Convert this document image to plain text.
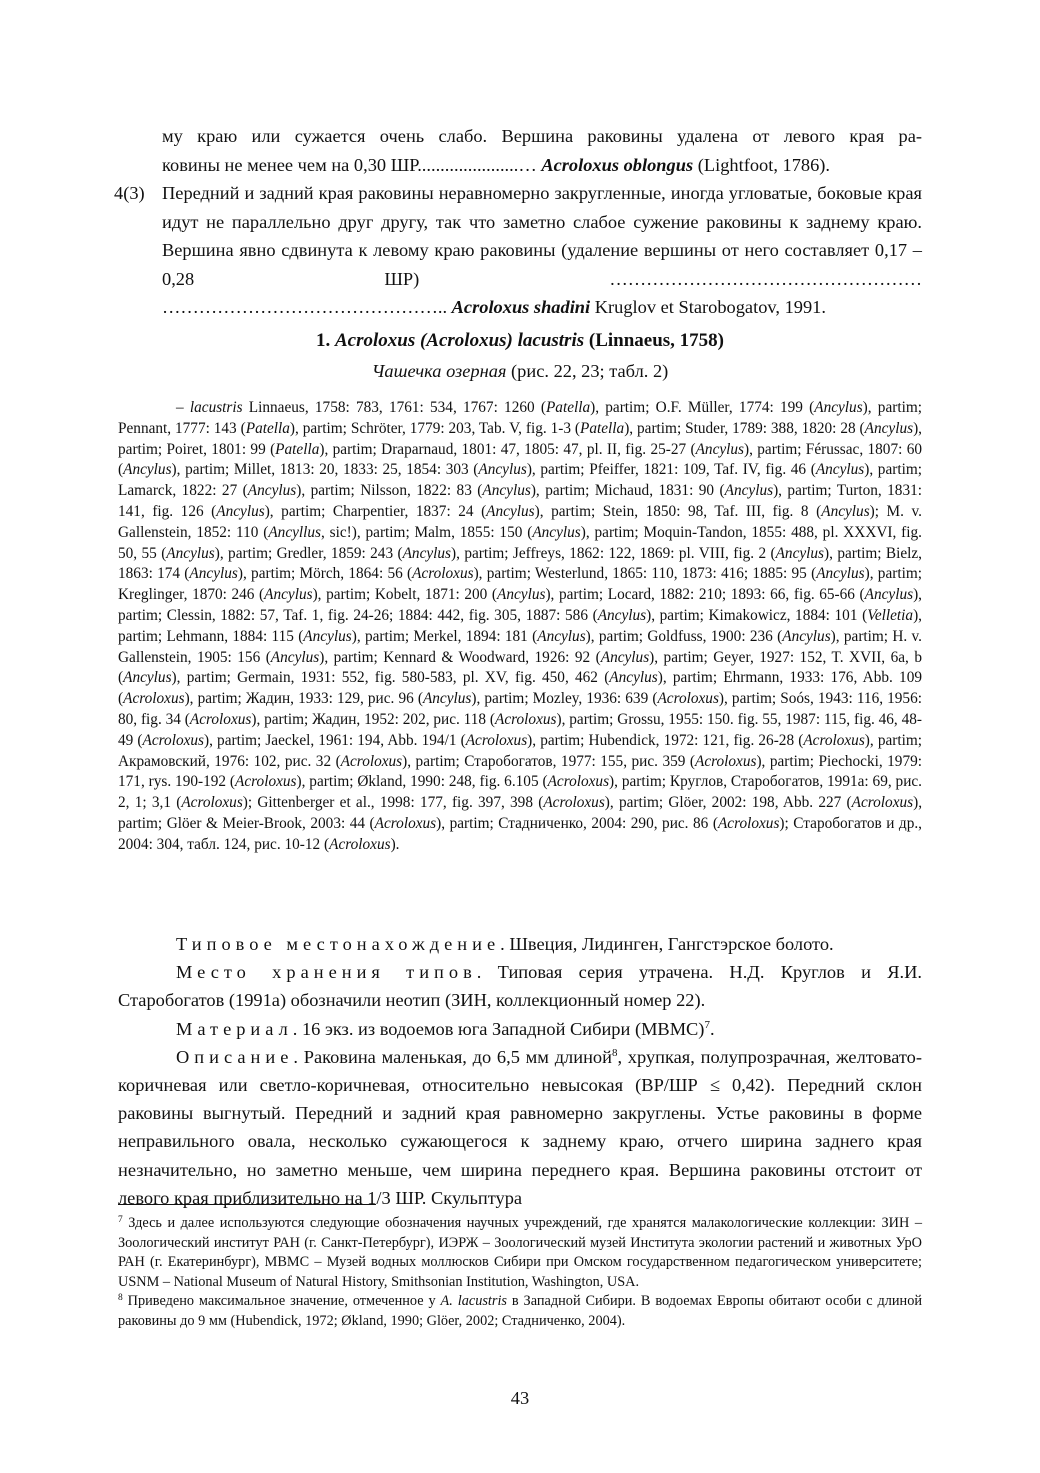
му краю или сужается очень слабо. Вершина раковины удалена от левого края ра-

ковины не менее чем на 0,30 ШР......................… Acroloxus oblongus (Lightfoot, 1786).

4(3) Передний и задний края раковины неравномерно закругленные, иногда угловатые, боковые края идут не параллельно друг другу, так что заметно слабое сужение раковины к заднему краю. Вершина явно сдвинута к левому краю раковины (удаление вершины от него составляет 0,17 – 0,28 ШР) ……………………………………………

……………………………………….. Acroloxus shadini Kruglov et Starobogatov, 1991.

1. Acroloxus (Acroloxus) lacustris (Linnaeus, 1758)
Чашечка озерная (рис. 22, 23; табл. 2)

– lacustris Linnaeus, 1758: 783, 1761: 534, 1767: 1260 (Patella), partim; O.F. Müller, 1774: 199 (Ancylus), partim; Pennant, 1777: 143 (Patella), partim; Schröter, 1779: 203, Tab. V, fig. 1-3 (Patella), partim; Studer, 1789: 388, 1820: 28 (Ancylus), partim; Poiret, 1801: 99 (Patella), partim; Draparnaud, 1801: 47, 1805: 47, pl. II, fig. 25-27 (Ancylus), partim; Férussac, 1807: 60 (Ancylus), partim; Millet, 1813: 20, 1833: 25, 1854: 303 (Ancylus), partim; Pfeiffer, 1821: 109, Taf. IV, fig. 46 (Ancylus), partim; Lamarck, 1822: 27 (Ancylus), partim; Nilsson, 1822: 83 (Ancylus), partim; Michaud, 1831: 90 (Ancylus), partim; Turton, 1831: 141, fig. 126 (Ancylus), partim; Charpentier, 1837: 24 (Ancylus), partim; Stein, 1850: 98, Taf. III, fig. 8 (Ancylus); M. v. Gallenstein, 1852: 110 (Ancyllus, sic!), partim; Malm, 1855: 150 (Ancylus), partim; Moquin-Tandon, 1855: 488, pl. XXXVI, fig. 50, 55 (Ancylus), partim; Gredler, 1859: 243 (Ancylus), partim; Jeffreys, 1862: 122, 1869: pl. VIII, fig. 2 (Ancylus), partim; Bielz, 1863: 174 (Ancylus), partim; Mörch, 1864: 56 (Acroloxus), partim; Westerlund, 1865: 110, 1873: 416; 1885: 95 (Ancylus), partim; Kreglinger, 1870: 246 (Ancylus), partim; Kobelt, 1871: 200 (Ancylus), partim; Locard, 1882: 210; 1893: 66, fig. 65-66 (Ancylus), partim; Clessin, 1882: 57, Taf. 1, fig. 24-26; 1884: 442, fig. 305, 1887: 586 (Ancylus), partim; Kimakowicz, 1884: 101 (Velletia), partim; Lehmann, 1884: 115 (Ancylus), partim; Merkel, 1894: 181 (Ancylus), partim; Goldfuss, 1900: 236 (Ancylus), partim; H. v. Gallenstein, 1905: 156 (Ancylus), partim; Kennard & Woodward, 1926: 92 (Ancylus), partim; Geyer, 1927: 152, T. XVII, 6a, b (Ancylus), partim; Germain, 1931: 552, fig. 580-583, pl. XV, fig. 450, 462 (Ancylus), partim; Ehrmann, 1933: 176, Abb. 109 (Acroloxus), partim; Жадин, 1933: 129, рис. 96 (Ancylus), partim; Mozley, 1936: 639 (Acroloxus), partim; Soós, 1943: 116, 1956: 80, fig. 34 (Acroloxus), partim; Жадин, 1952: 202, рис. 118 (Acroloxus), partim; Grossu, 1955: 150. fig. 55, 1987: 115, fig. 46, 48-49 (Acroloxus), partim; Jaeckel, 1961: 194, Abb. 194/1 (Acroloxus), partim; Hubendick, 1972: 121, fig. 26-28 (Acroloxus), partim; Акрамовский, 1976: 102, рис. 32 (Acroloxus), partim; Старобогатов, 1977: 155, рис. 359 (Acroloxus), partim; Piechocki, 1979: 171, rys. 190-192 (Acroloxus), partim; Økland, 1990: 248, fig. 6.105 (Acroloxus), partim; Круглов, Старобогатов, 1991a: 69, рис. 2, 1; 3,1 (Acroloxus); Gittenberger et al., 1998: 177, fig. 397, 398 (Acroloxus), partim; Glöer, 2002: 198, Abb. 227 (Acroloxus), partim; Glöer & Meier-Brook, 2003: 44 (Acroloxus), partim; Стадниченко, 2004: 290, рис. 86 (Acroloxus); Старобогатов и др., 2004: 304, табл. 124, рис. 10-12 (Acroloxus).

Типовое местонахождение. Швеция, Лидинген, Гангстэрское болото.

Место хранения типов. Типовая серия утрачена. Н.Д. Круглов и Я.И. Старобогатов (1991а) обозначили неотип (ЗИН, коллекционный номер 22).

Материал. 16 экз. из водоемов юга Западной Сибири (МВМС)$^7$.

Описание. Раковина маленькая, до 6,5 мм длиной$^8$, хрупкая, полупрозрачная, желтовато-коричневая или светло-коричневая, относительно невысокая (ВР/ШР ≤ 0,42). Передний склон раковины выгнутый. Передний и задний края равномерно закруглены. Устье раковины в форме неправильного овала, несколько сужающегося к заднему краю, отчего ширина заднего края незначительно, но заметно меньше, чем ширина переднего края. Вершина раковины отстоит от левого края приблизительно на 1/3 ШР. Скульптура

$^7$ Здесь и далее используются следующие обозначения научных учреждений, где хранятся малакологические коллекции: ЗИН – Зоологический институт РАН (г. Санкт-Петербург), ИЭРЖ – Зоологический музей Института экологии растений и животных УрО РАН (г. Екатеринбург), МВМС – Музей водных моллюсков Сибири при Омском государственном педагогическом университете; USNM – National Museum of Natural History, Smithsonian Institution, Washington, USA.

$^8$ Приведено максимальное значение, отмеченное у A. lacustris в Западной Сибири. В водоемах Европы обитают особи с длиной раковины до 9 мм (Hubendick, 1972; Økland, 1990; Glöer, 2002; Стадниченко, 2004).

43
